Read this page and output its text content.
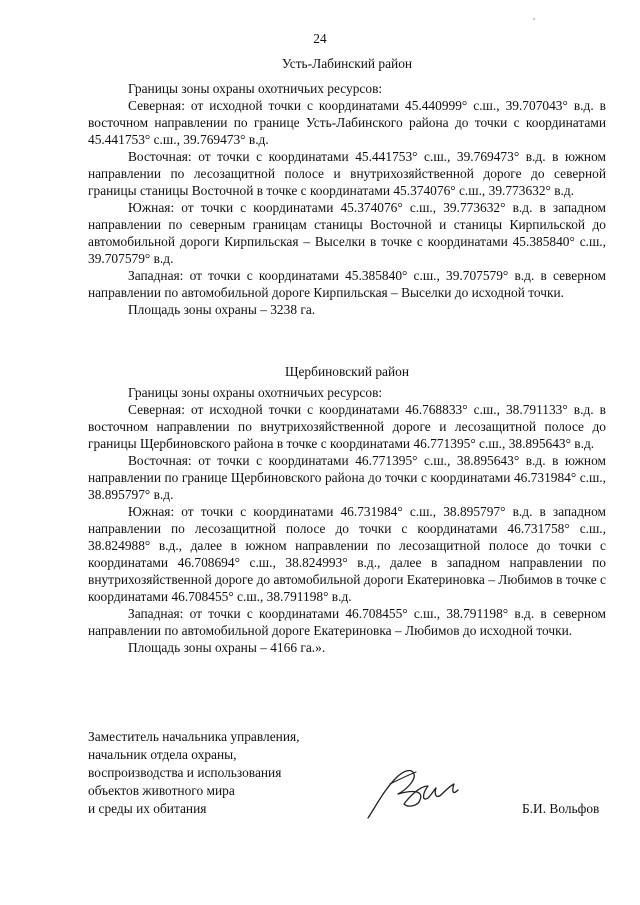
24

Усть-Лабинский район

Границы зоны охраны охотничьих ресурсов:

Северная: от исходной точки с координатами 45.440999° с.ш., 39.707043° в.д. в восточном направлении по границе Усть-Лабинского района до точки с координатами 45.441753° с.ш., 39.769473° в.д.

Восточная: от точки с координатами 45.441753° с.ш., 39.769473° в.д. в южном направлении по лесозащитной полосе и внутрихозяйственной дороге до северной границы станицы Восточной в точке с координатами 45.374076° с.ш., 39.773632° в.д.

Южная: от точки с координатами 45.374076° с.ш., 39.773632° в.д. в западном направлении по северным границам станицы Восточной и станицы Кирпильской до автомобильной дороги Кирпильская – Выселки в точке с координатами 45.385840° с.ш., 39.707579° в.д.

Западная: от точки с координатами 45.385840° с.ш., 39.707579° в.д. в северном направлении по автомобильной дороге Кирпильская – Выселки до исходной точки.

Площадь зоны охраны – 3238 га.

Щербиновский район

Границы зоны охраны охотничьих ресурсов:

Северная: от исходной точки с координатами 46.768833° с.ш., 38.791133° в.д. в восточном направлении по внутрихозяйственной дороге и лесозащитной полосе до границы Щербиновского района в точке с координатами 46.771395° с.ш., 38.895643° в.д.

Восточная: от точки с координатами 46.771395° с.ш., 38.895643° в.д. в южном направлении по границе Щербиновского района до точки с координатами 46.731984° с.ш., 38.895797° в.д.

Южная: от точки с координатами 46.731984° с.ш., 38.895797° в.д. в западном направлении по лесозащитной полосе до точки с координатами 46.731758° с.ш., 38.824988° в.д., далее в южном направлении по лесозащитной полосе до точки с координатами 46.708694° с.ш., 38.824993° в.д., далее в западном направлении по внутрихозяйственной дороге до автомобильной дороги Екатериновка – Любимов в точке с координатами 46.708455° с.ш., 38.791198° в.д.

Западная: от точки с координатами 46.708455° с.ш., 38.791198° в.д. в северном направлении по автомобильной дороге Екатериновка – Любимов до исходной точки.

Площадь зоны охраны – 4166 га.».

Заместитель начальника управления,
начальник отдела охраны,
воспроизводства и использования
объектов животного мира
и среды их обитания	Б.И. Вольфов
